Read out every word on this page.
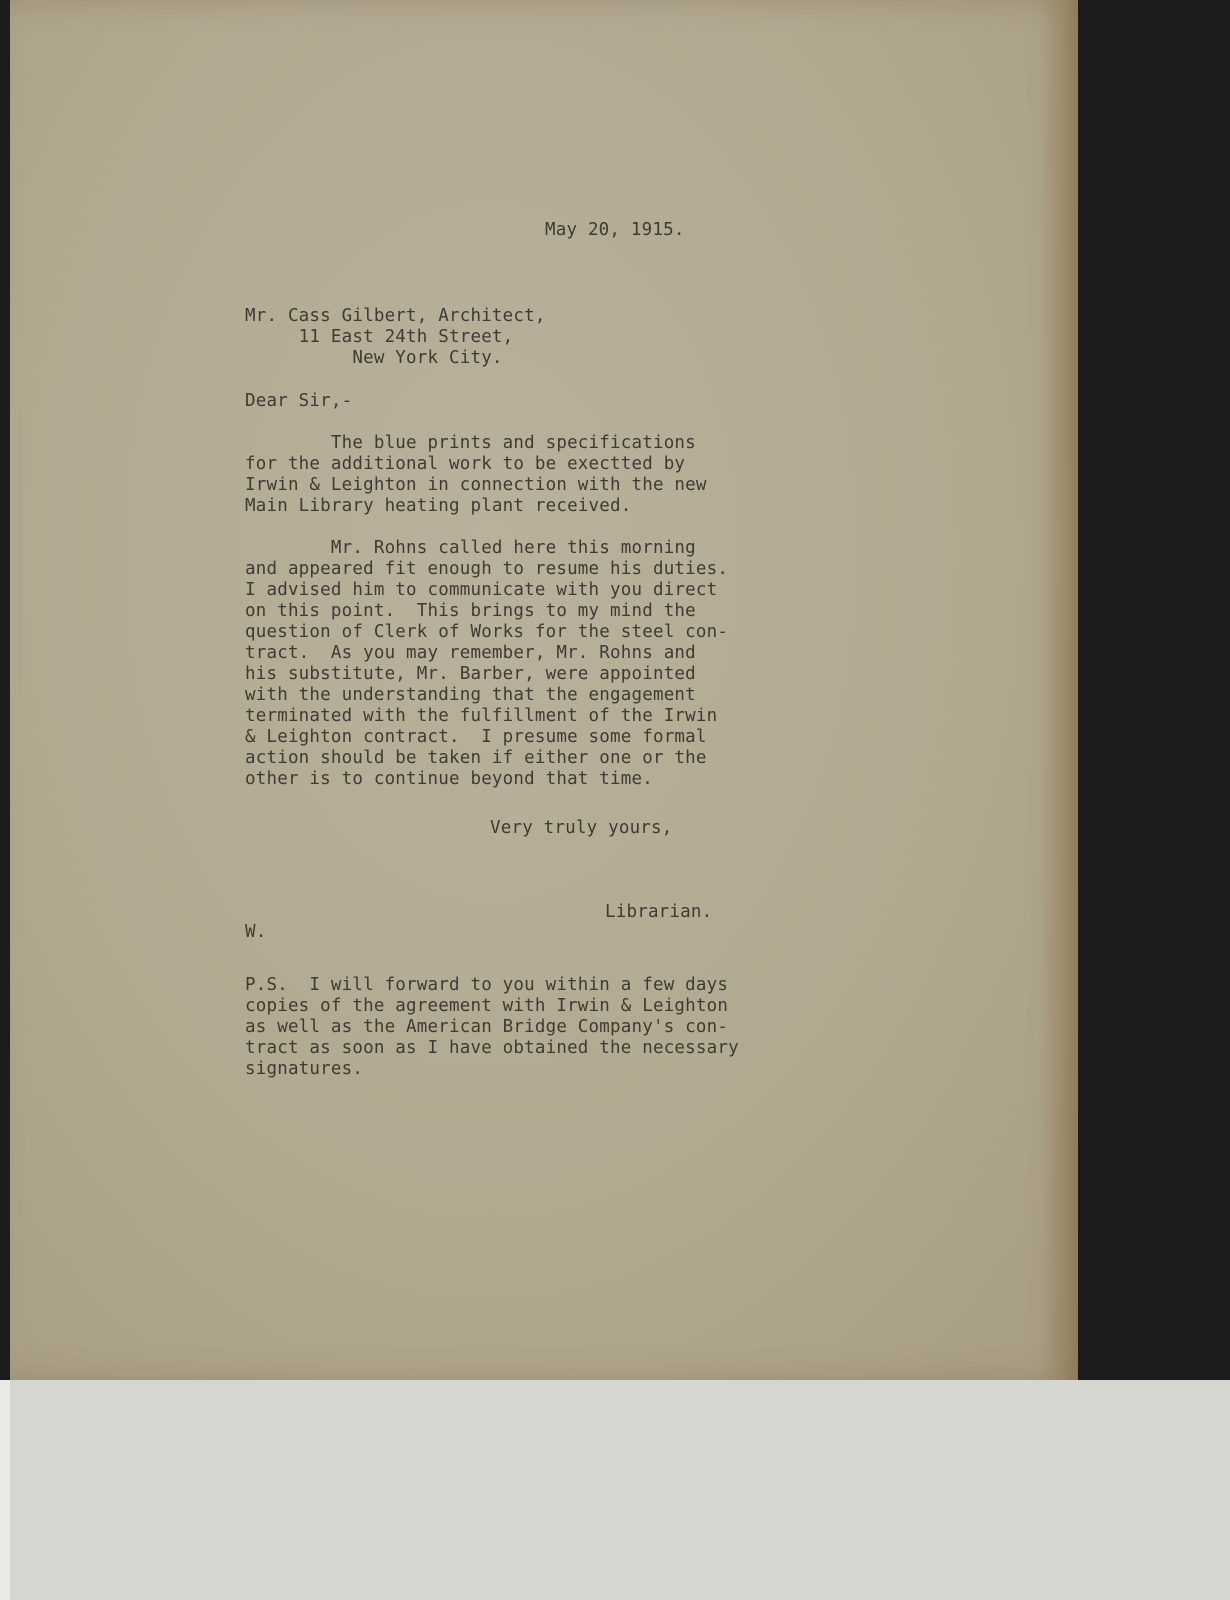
May 20, 1915.
Mr. Cass Gilbert, Architect,
11 East 24th Street,
New York City.
Dear Sir,-
The blue prints and specifications
for the additional work to be exectted by
Irwin & Leighton in connection with the new
Main Library heating plant received.
Mr. Rohns called here this morning
and appeared fit enough to resume his duties.
I advised him to communicate with you direct
on this point.  This brings to my mind the
question of Clerk of Works for the steel con-
tract.  As you may remember, Mr. Rohns and
his substitute, Mr. Barber, were appointed
with the understanding that the engagement
terminated with the fulfillment of the Irwin
& Leighton contract.  I presume some formal
action should be taken if either one or the
other is to continue beyond that time.
Very truly yours,
Librarian.
W.
P.S.  I will forward to you within a few days
copies of the agreement with Irwin & Leighton
as well as the American Bridge Company's con-
tract as soon as I have obtained the necessary
signatures.
